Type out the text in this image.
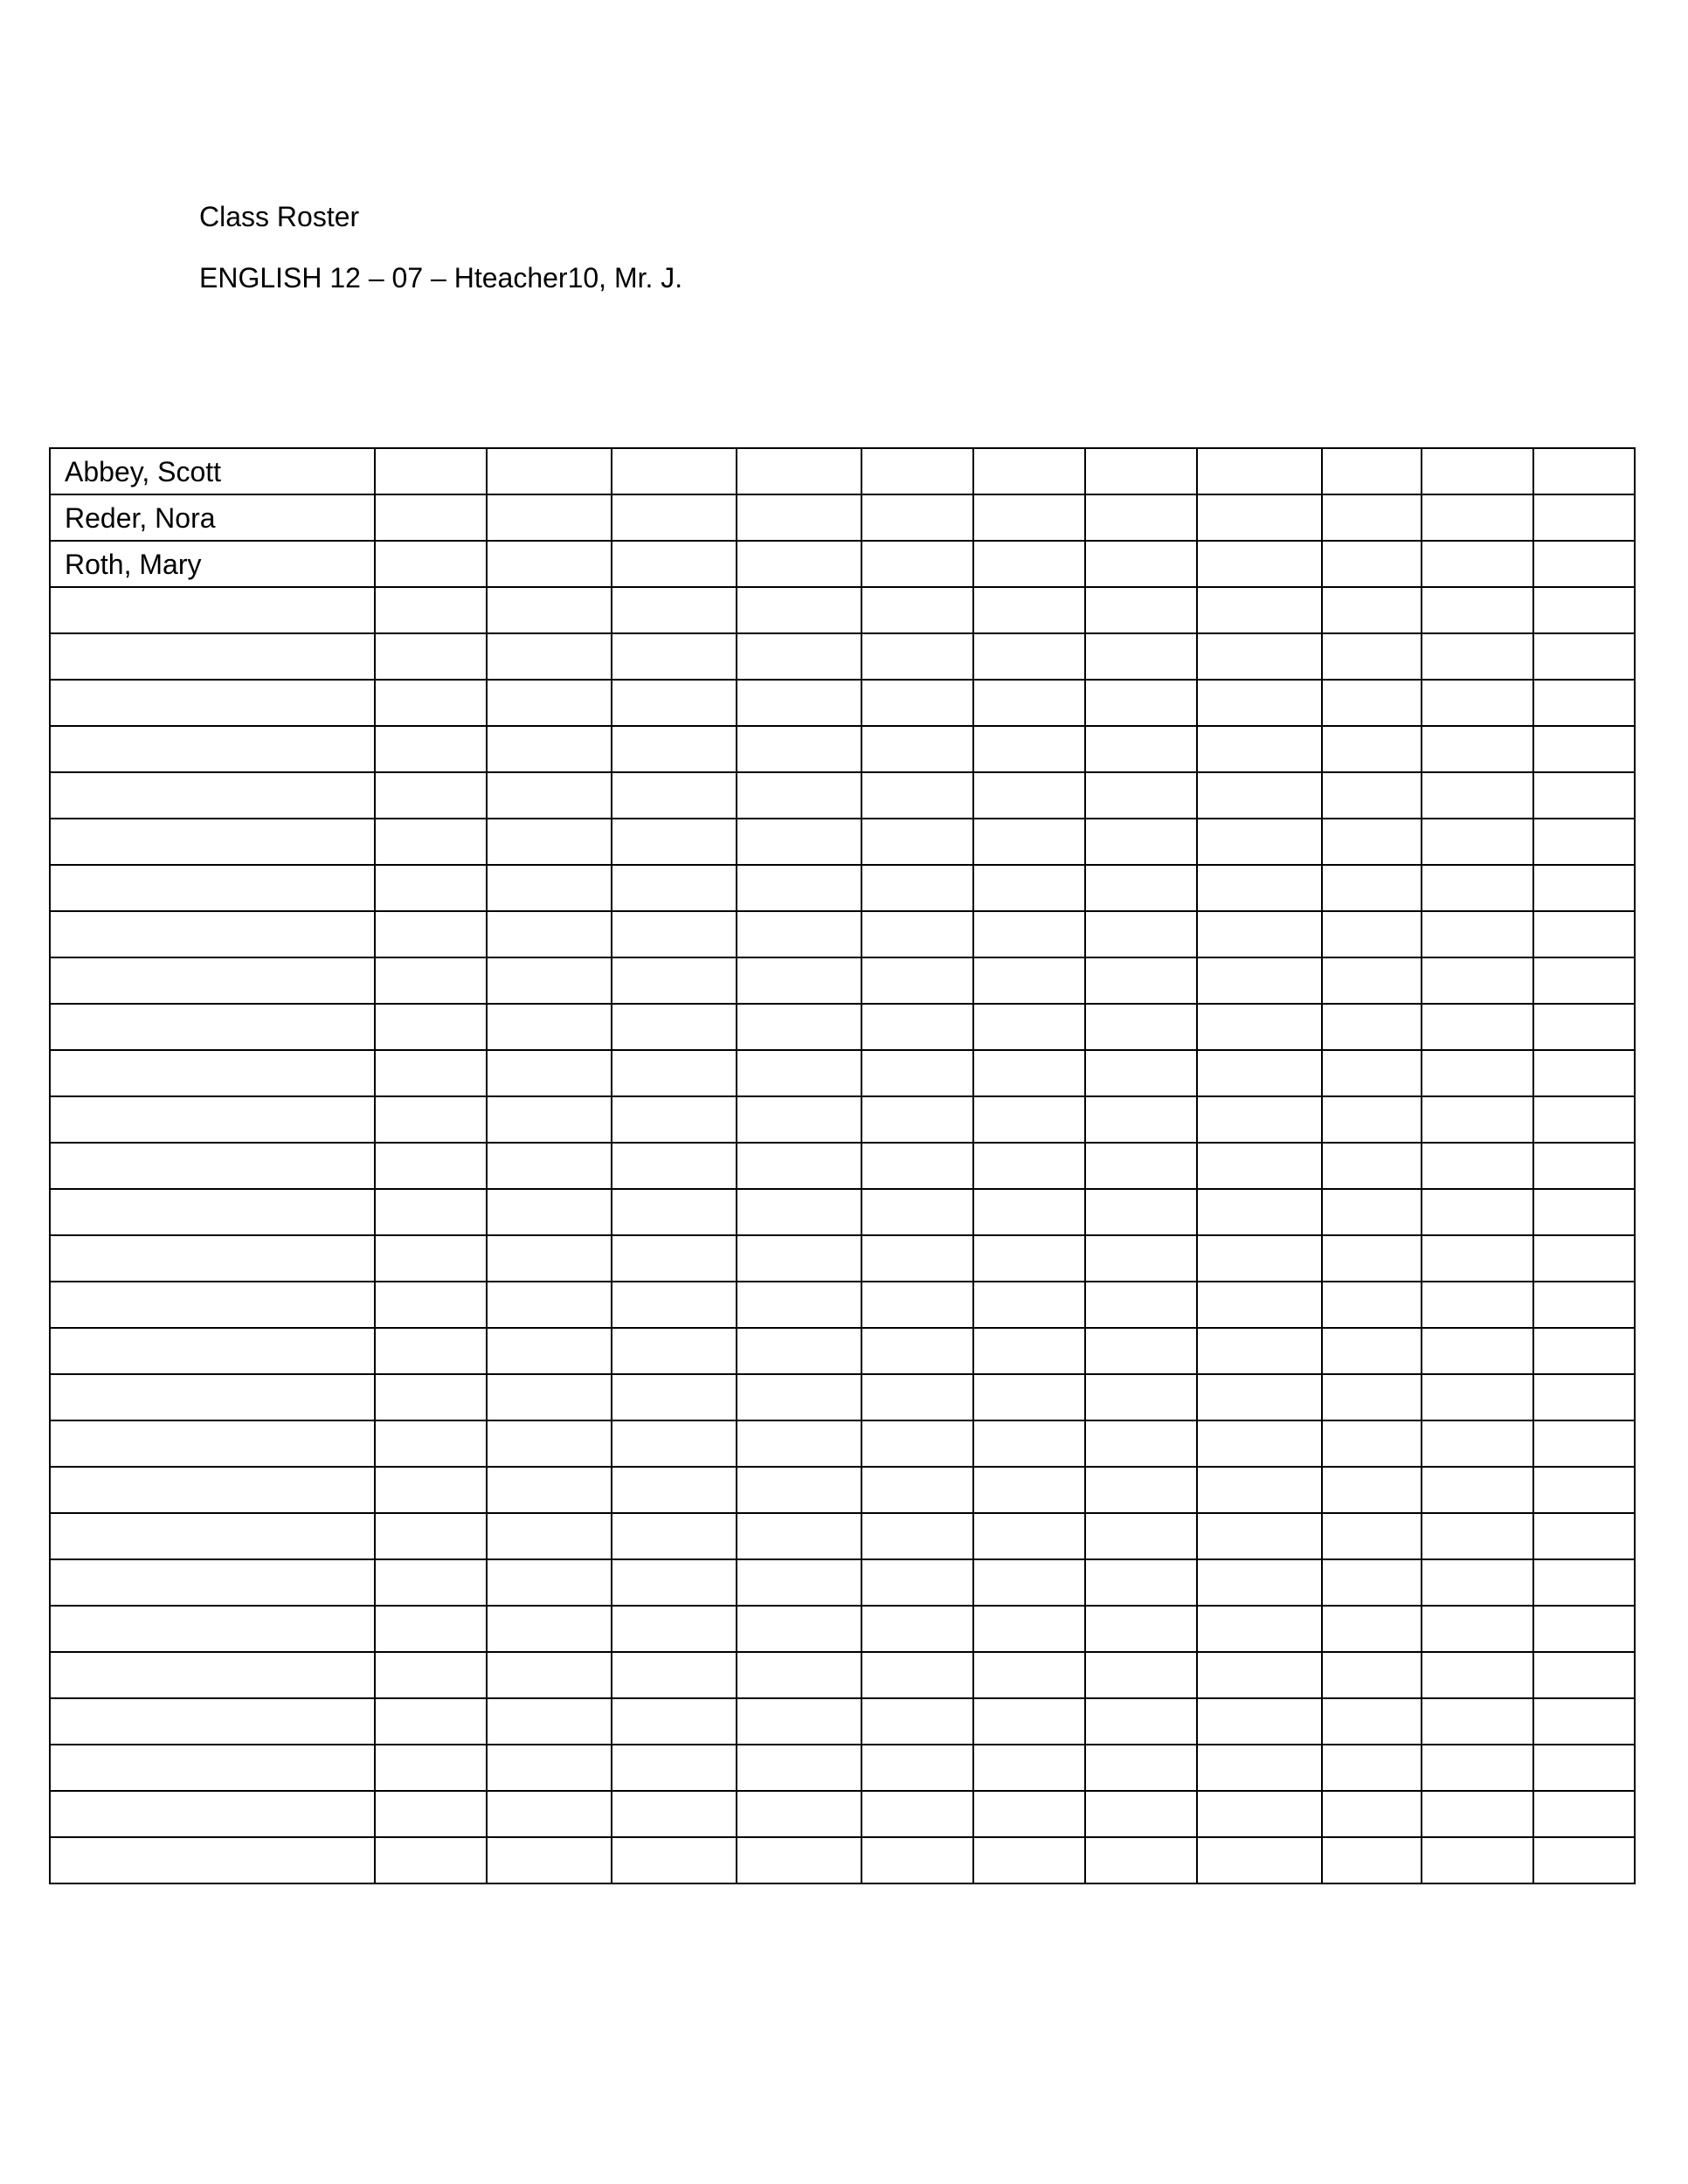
Class Roster
ENGLISH 12 – 07 – Hteacher10, Mr. J.
Abbey, Scott											
Reder, Nora											
Roth, Mary											
